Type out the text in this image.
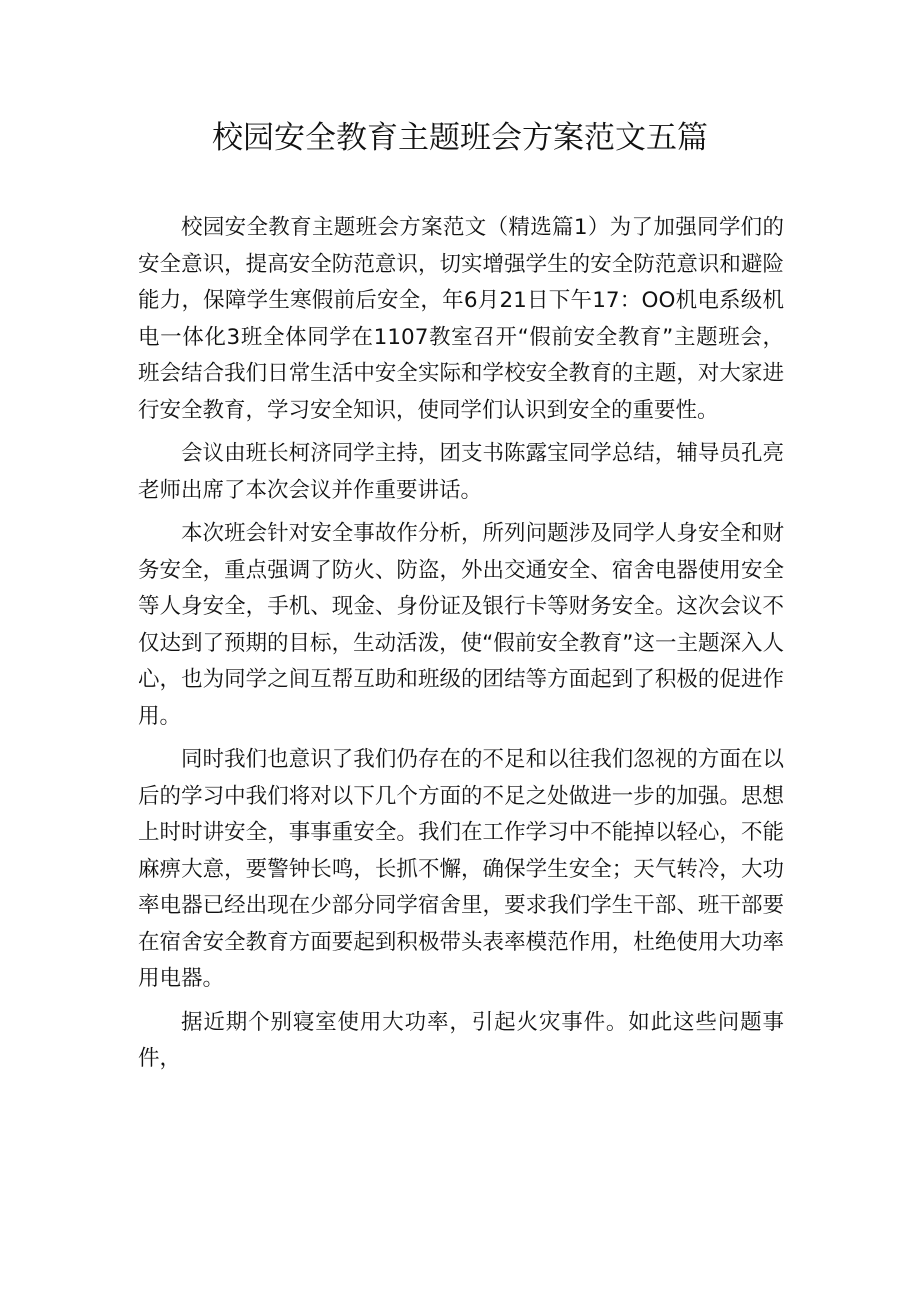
校园安全教育主题班会方案范文五篇

校园安全教育主题班会方案范文（精选篇1）为了加强同学们的安全意识，提高安全防范意识，切实增强学生的安全防范意识和避险能力，保障学生寒假前后安全，年6月21日下午17：OO机电系级机电一体化3班全体同学在1107教室召开“假前安全教育”主题班会，班会结合我们日常生活中安全实际和学校安全教育的主题，对大家进行安全教育，学习安全知识，使同学们认识到安全的重要性。

会议由班长柯济同学主持，团支书陈露宝同学总结，辅导员孔亮老师出席了本次会议并作重要讲话。

本次班会针对安全事故作分析，所列问题涉及同学人身安全和财务安全，重点强调了防火、防盗，外出交通安全、宿舍电器使用安全等人身安全，手机、现金、身份证及银行卡等财务安全。这次会议不仅达到了预期的目标，生动活泼，使“假前安全教育”这一主题深入人心，也为同学之间互帮互助和班级的团结等方面起到了积极的促进作用。

同时我们也意识了我们仍存在的不足和以往我们忽视的方面在以后的学习中我们将对以下几个方面的不足之处做进一步的加强。思想上时时讲安全，事事重安全。我们在工作学习中不能掉以轻心，不能麻痹大意，要警钟长鸣，长抓不懈，确保学生安全；天气转冷，大功率电器已经出现在少部分同学宿舍里，要求我们学生干部、班干部要在宿舍安全教育方面要起到积极带头表率模范作用，杜绝使用大功率用电器。

据近期个别寝室使用大功率，引起火灾事件。如此这些问题事件，
